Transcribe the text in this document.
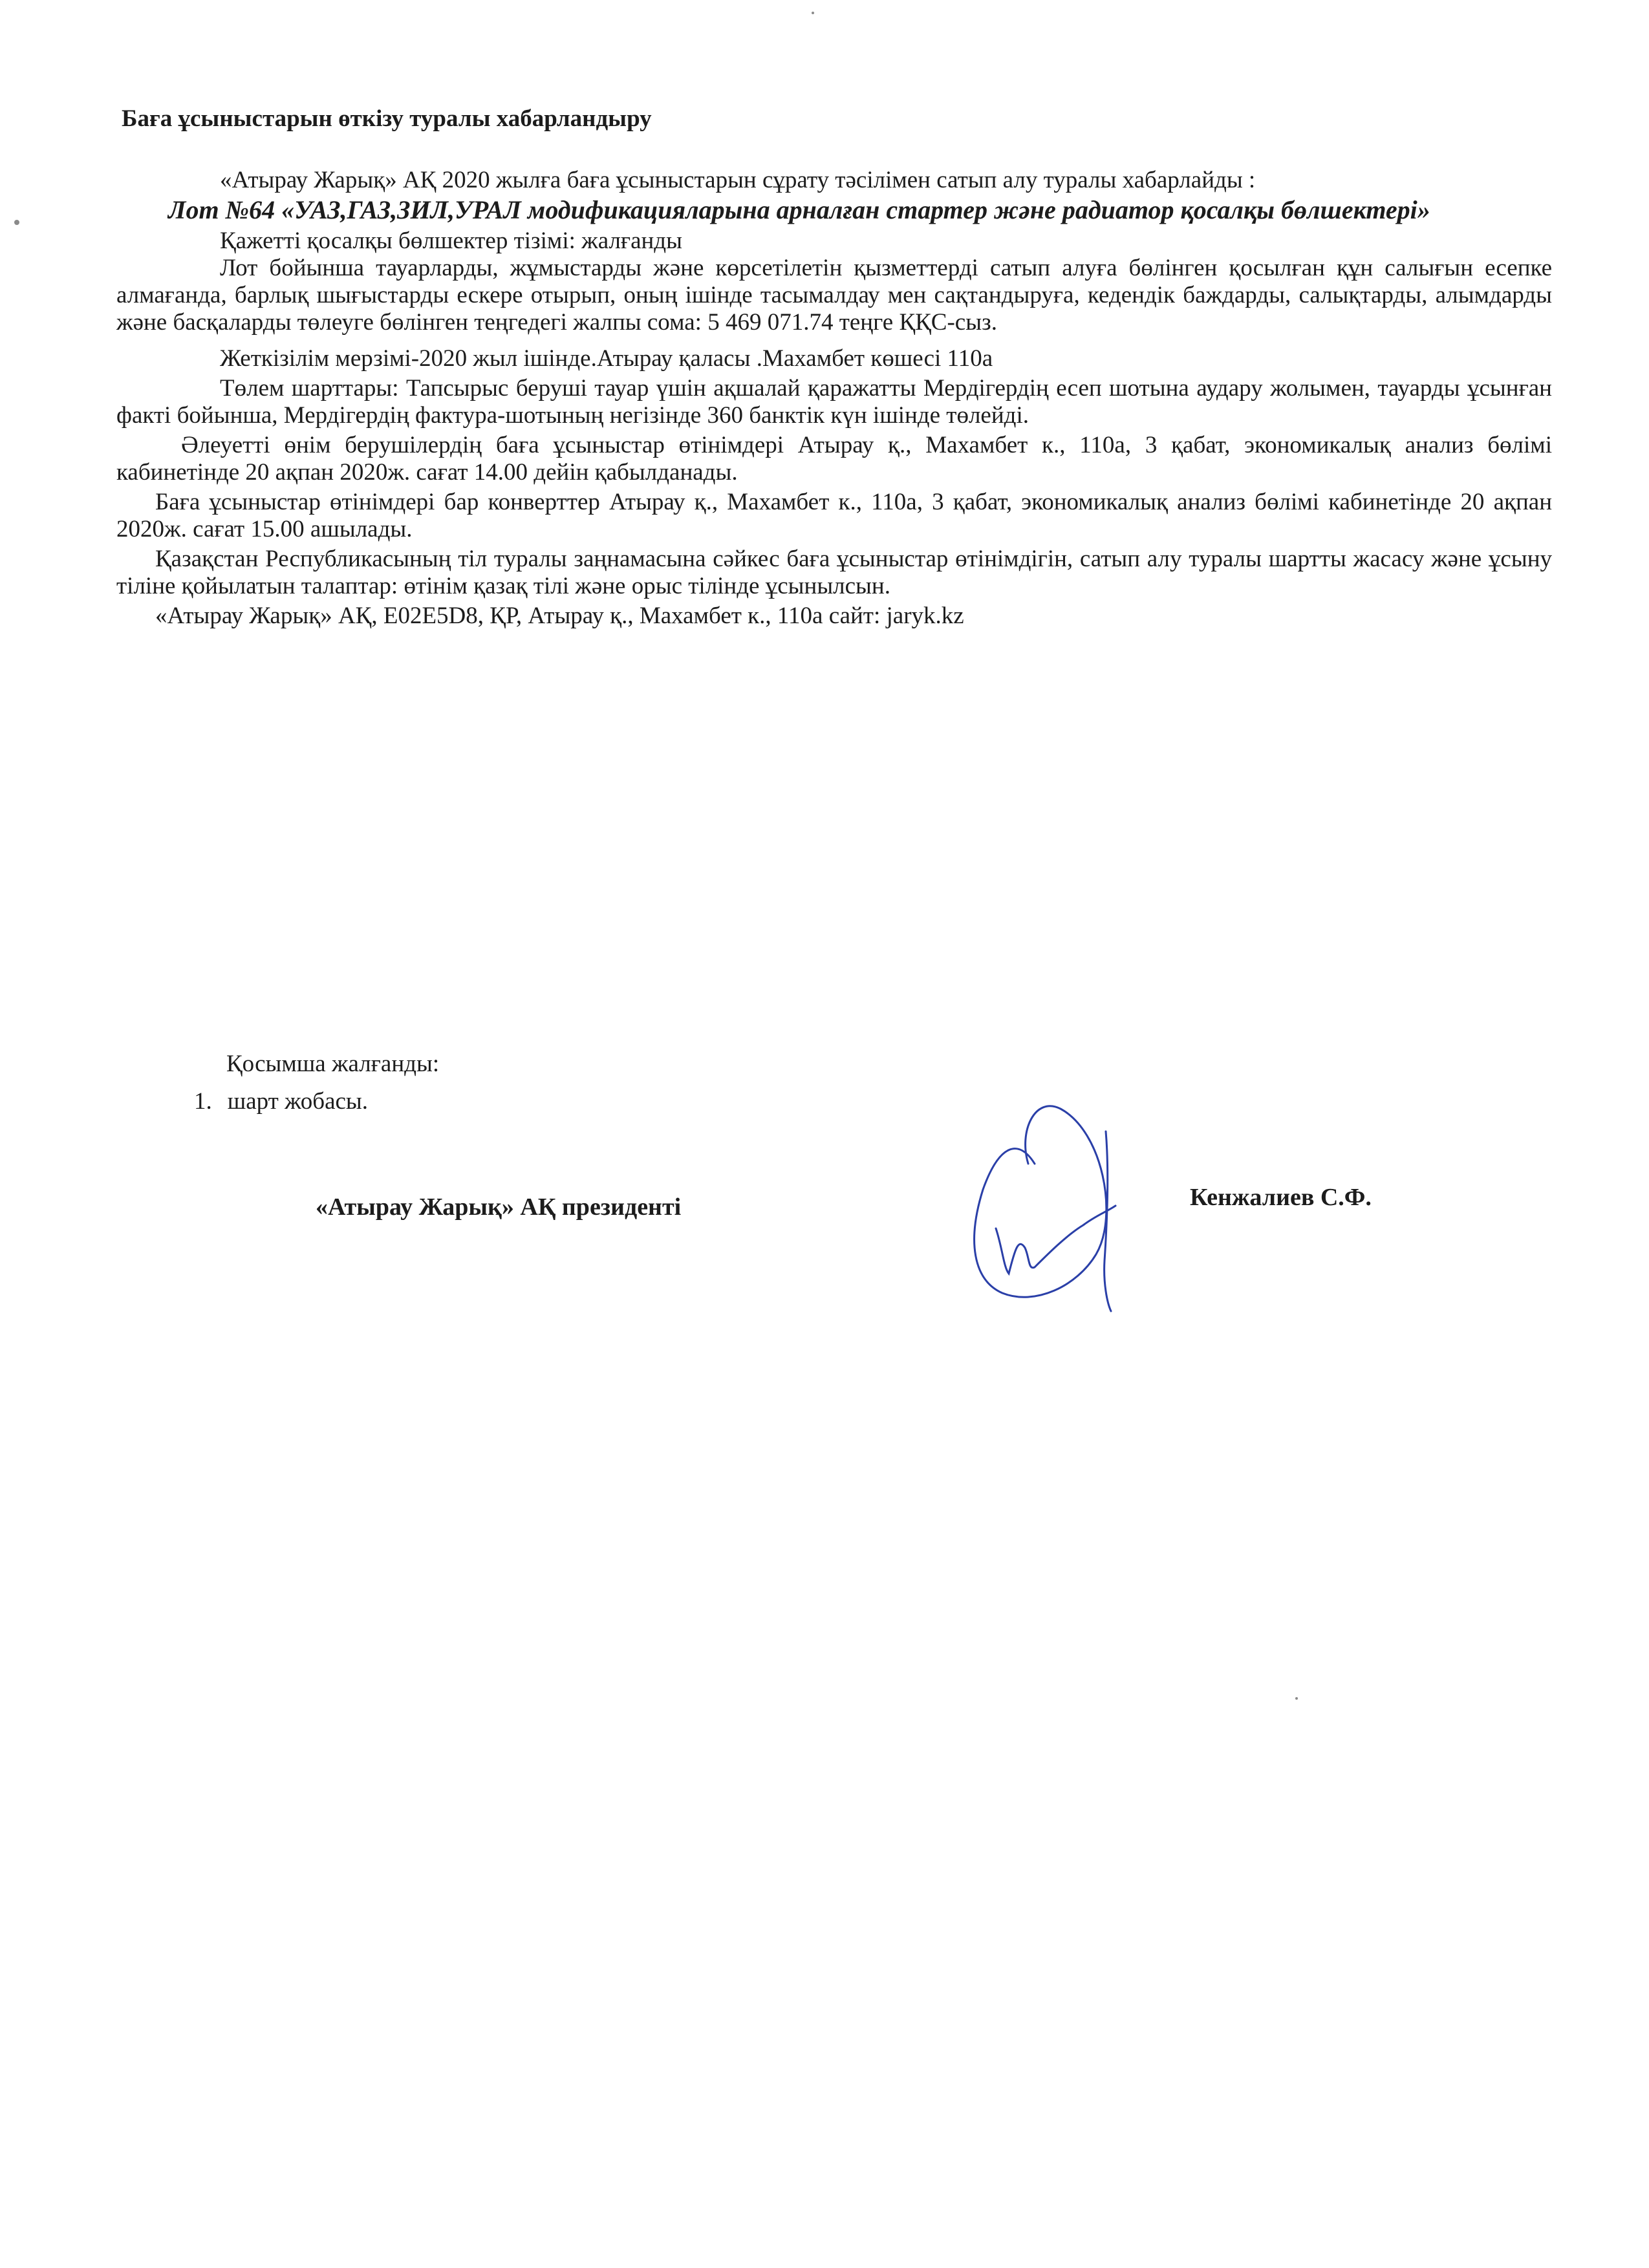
Баға ұсыныстарын өткізу туралы хабарландыру

«Атырау Жарық» АҚ 2020 жылға баға ұсыныстарын сұрату тәсілімен сатып алу туралы хабарлайды :

Лот №64 «УАЗ,ГАЗ,ЗИЛ,УРАЛ модификацияларына арналған стартер және радиатор қосалқы бөлшектері»

Қажетті қосалқы бөлшектер тізімі: жалғанды

Лот бойынша тауарларды, жұмыстарды және көрсетілетін қызметтерді сатып алуға бөлінген қосылған құн салығын есепке алмағанда, барлық шығыстарды ескере отырып, оның ішінде тасымалдау мен сақтандыруға, кедендік баждарды, салықтарды, алымдарды және басқаларды төлеуге бөлінген теңгедегі жалпы сома: 5 469 071.74 теңге ҚҚС-сыз.

Жеткізілім мерзімі-2020 жыл ішінде.Атырау қаласы .Махамбет көшесі 110а

Төлем шарттары: Тапсырыс беруші тауар үшін ақшалай қаражатты Мердігердің есеп шотына аудару жолымен, тауарды ұсынған факті бойынша, Мердігердің фактура-шотының негізінде 360 банктік күн ішінде төлейді.

Әлеуетті өнім берушілердің баға ұсыныстар өтінімдері Атырау қ., Махамбет к., 110а, 3 қабат, экономикалық анализ бөлімі кабинетінде 20 ақпан 2020ж. сағат 14.00 дейін қабылданады.

Баға ұсыныстар өтінімдері бар конверттер Атырау қ., Махамбет к., 110а, 3 қабат, экономикалық анализ бөлімі кабинетінде 20 ақпан 2020ж. сағат 15.00 ашылады.

Қазақстан Республикасының тіл туралы заңнамасына сәйкес баға ұсыныстар өтінімдігін, сатып алу туралы шартты жасасу және ұсыну тіліне қойылатын талаптар: өтінім қазақ тілі және орыс тілінде ұсынылсын.

«Атырау Жарық» АҚ, Е02Е5D8, ҚР, Атырау қ., Махамбет к., 110а сайт: jaryk.kz

Қосымша жалғанды:

1. шарт жобасы.
«Атырау Жарық» АҚ президенті	Кенжалиев С.Ф.
